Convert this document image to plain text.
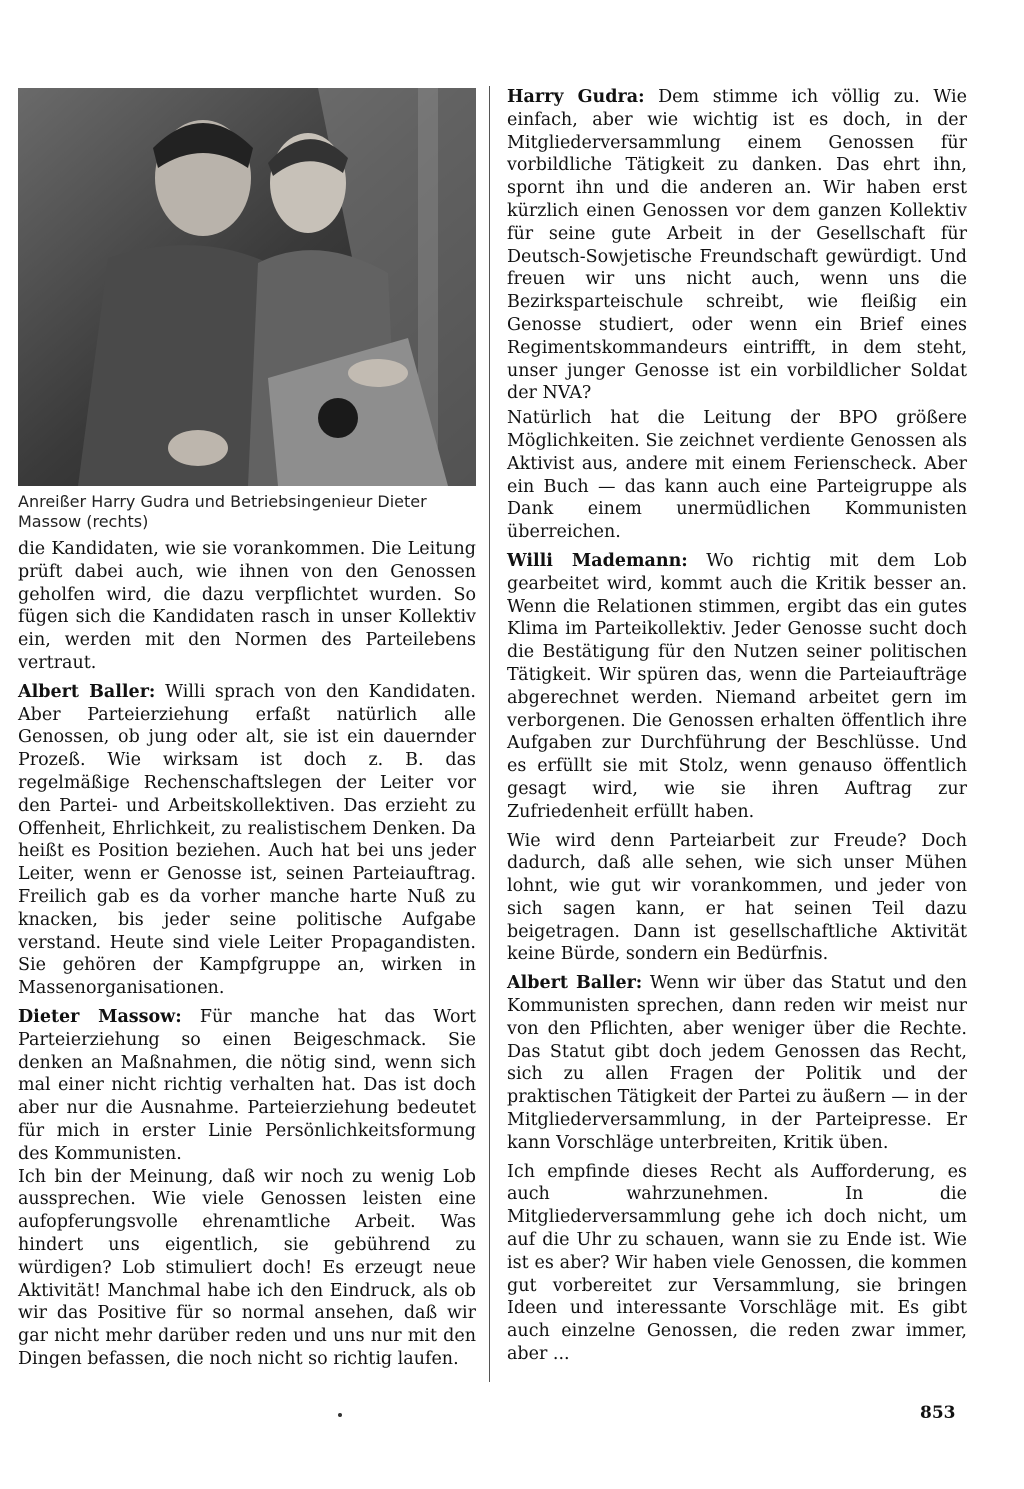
Anreißer Harry Gudra und Betriebsingenieur Dieter Massow (rechts)

die Kandidaten, wie sie vorankommen. Die Leitung prüft dabei auch, wie ihnen von den Genossen geholfen wird, die dazu verpflichtet wurden. So fügen sich die Kandidaten rasch in unser Kollektiv ein, werden mit den Normen des Parteilebens vertraut.

Albert Baller: Willi sprach von den Kandidaten. Aber Parteierziehung erfaßt natürlich alle Genossen, ob jung oder alt, sie ist ein dauernder Prozeß. Wie wirksam ist doch z. B. das regelmäßige Rechenschaftslegen der Leiter vor den Partei- und Arbeitskollektiven. Das erzieht zu Offenheit, Ehrlichkeit, zu realistischem Denken. Da heißt es Position beziehen. Auch hat bei uns jeder Leiter, wenn er Genosse ist, seinen Parteiauftrag. Freilich gab es da vorher manche harte Nuß zu knacken, bis jeder seine politische Aufgabe verstand. Heute sind viele Leiter Propagandisten. Sie gehören der Kampfgruppe an, wirken in Massenorganisationen.

Dieter Massow: Für manche hat das Wort Parteierziehung so einen Beigeschmack. Sie denken an Maßnahmen, die nötig sind, wenn sich mal einer nicht richtig verhalten hat. Das ist doch aber nur die Ausnahme. Parteierziehung bedeutet für mich in erster Linie Persönlichkeitsformung des Kommunisten.

Ich bin der Meinung, daß wir noch zu wenig Lob aussprechen. Wie viele Genossen leisten eine aufopferungsvolle ehrenamtliche Arbeit. Was hindert uns eigentlich, sie gebührend zu würdigen? Lob stimuliert doch! Es erzeugt neue Aktivität! Manchmal habe ich den Eindruck, als ob wir das Positive für so normal ansehen, daß wir gar nicht mehr darüber reden und uns nur mit den Dingen befassen, die noch nicht so richtig laufen.

Harry Gudra: Dem stimme ich völlig zu. Wie einfach, aber wie wichtig ist es doch, in der Mitgliederversammlung einem Genossen für vorbildliche Tätigkeit zu danken. Das ehrt ihn, spornt ihn und die anderen an. Wir haben erst kürzlich einen Genossen vor dem ganzen Kollektiv für seine gute Arbeit in der Gesellschaft für Deutsch-Sowjetische Freundschaft gewürdigt. Und freuen wir uns nicht auch, wenn uns die Bezirksparteischule schreibt, wie fleißig ein Genosse studiert, oder wenn ein Brief eines Regimentskommandeurs eintrifft, in dem steht, unser junger Genosse ist ein vorbildlicher Soldat der NVA?

Natürlich hat die Leitung der BPO größere Möglichkeiten. Sie zeichnet verdiente Genossen als Aktivist aus, andere mit einem Ferienscheck. Aber ein Buch — das kann auch eine Parteigruppe als Dank einem unermüdlichen Kommunisten überreichen.

Willi Mademann: Wo richtig mit dem Lob gearbeitet wird, kommt auch die Kritik besser an. Wenn die Relationen stimmen, ergibt das ein gutes Klima im Parteikollektiv. Jeder Genosse sucht doch die Bestätigung für den Nutzen seiner politischen Tätigkeit. Wir spüren das, wenn die Parteiaufträge abgerechnet werden. Niemand arbeitet gern im verborgenen. Die Genossen erhalten öffentlich ihre Aufgaben zur Durchführung der Beschlüsse. Und es erfüllt sie mit Stolz, wenn genauso öffentlich gesagt wird, wie sie ihren Auftrag zur Zufriedenheit erfüllt haben.

Wie wird denn Parteiarbeit zur Freude? Doch dadurch, daß alle sehen, wie sich unser Mühen lohnt, wie gut wir vorankommen, und jeder von sich sagen kann, er hat seinen Teil dazu beigetragen. Dann ist gesellschaftliche Aktivität keine Bürde, sondern ein Bedürfnis.

Albert Baller: Wenn wir über das Statut und den Kommunisten sprechen, dann reden wir meist nur von den Pflichten, aber weniger über die Rechte. Das Statut gibt doch jedem Genossen das Recht, sich zu allen Fragen der Politik und der praktischen Tätigkeit der Partei zu äußern — in der Mitgliederversammlung, in der Parteipresse. Er kann Vorschläge unterbreiten, Kritik üben.

Ich empfinde dieses Recht als Aufforderung, es auch wahrzunehmen. In die Mitgliederversammlung gehe ich doch nicht, um auf die Uhr zu schauen, wann sie zu Ende ist. Wie ist es aber? Wir haben viele Genossen, die kommen gut vorbereitet zur Versammlung, sie bringen Ideen und interessante Vorschläge mit. Es gibt auch einzelne Genossen, die reden zwar immer, aber ...

853
